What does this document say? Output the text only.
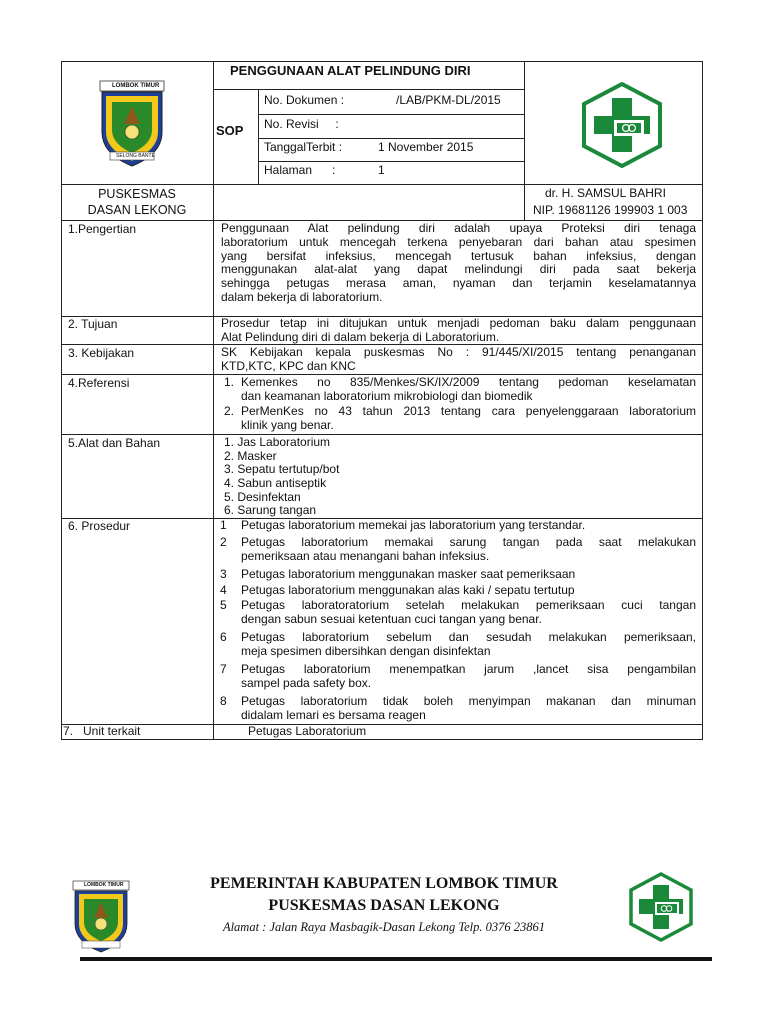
LOMBOK TIMUR
SELONG BANTE
PENGGUNAAN ALAT PELINDUNG DIRI
SOP
No. Dokumen :	/LAB/PKM-DL/2015
No. Revisi     :
TanggalTerbit :	1 November 2015
Halaman      :	1
PUSKESMAS
DASAN LEKONG
dr. H. SAMSUL BAHRI
NIP. 19681126 199903 1 003
1.Pengertian	Penggunaan Alat pelindung diri adalah upaya Proteksi diri tenaga
laboratorium untuk mencegah terkena penyebaran dari bahan atau spesimen
yang bersifat infeksius, mencegah tertusuk bahan infeksius, dengan
menggunakan alat-alat yang dapat melindungi diri pada saat bekerja
sehingga petugas merasa aman, nyaman dan terjamin keselamatannya
dalam bekerja di laboratorium.
2. Tujuan	Prosedur tetap ini ditujukan untuk menjadi pedoman baku dalam penggunaan
Alat Pelindung diri di dalam bekerja di Laboratorium.
3. Kebijakan	SK Kebijakan kepala puskesmas No : 91/445/XI/2015 tentang penanganan
KTD,KTC, KPC dan KNC
4.Referensi	1. Kemenkes no 835/Menkes/SK/IX/2009 tentang pedoman keselamatan
dan keamanan laboratorium mikrobiologi dan biomedik
2. PerMenKes no 43 tahun 2013 tentang cara penyelenggaraan laboratorium
klinik yang benar.
5.Alat dan Bahan	1. Jas Laboratorium
2. Masker
3. Sepatu tertutup/bot
4. Sabun antiseptik
5. Desinfektan
6. Sarung tangan
6. Prosedur	1 Petugas laboratorium memekai jas laboratorium yang terstandar.
2 Petugas laboratorium memakai sarung tangan pada saat melakukan
pemeriksaan atau menangani bahan infeksius.
3 Petugas laboratorium menggunakan masker saat pemeriksaan
4 Petugas laboratorium menggunakan alas kaki / sepatu tertutup
5 Petugas laboratoratorium setelah melakukan pemeriksaan cuci tangan
dengan sabun sesuai ketentuan cuci tangan yang benar.
6 Petugas laboratorium sebelum dan sesudah melakukan pemeriksaan,
meja spesimen dibersihkan dengan disinfektan
7 Petugas laboratorium menempatkan jarum ,lancet sisa pengambilan
sampel pada safety box.
8 Petugas laboratorium tidak boleh menyimpan makanan dan minuman
didalam lemari es bersama reagen
7.   Unit terkait	Petugas Laboratorium
LOMBOK TIMUR	PEMERINTAH KABUPATEN LOMBOK TIMUR
PUSKESMAS DASAN LEKONG
Alamat : Jalan Raya Masbagik-Dasan Lekong Telp. 0376 23861
